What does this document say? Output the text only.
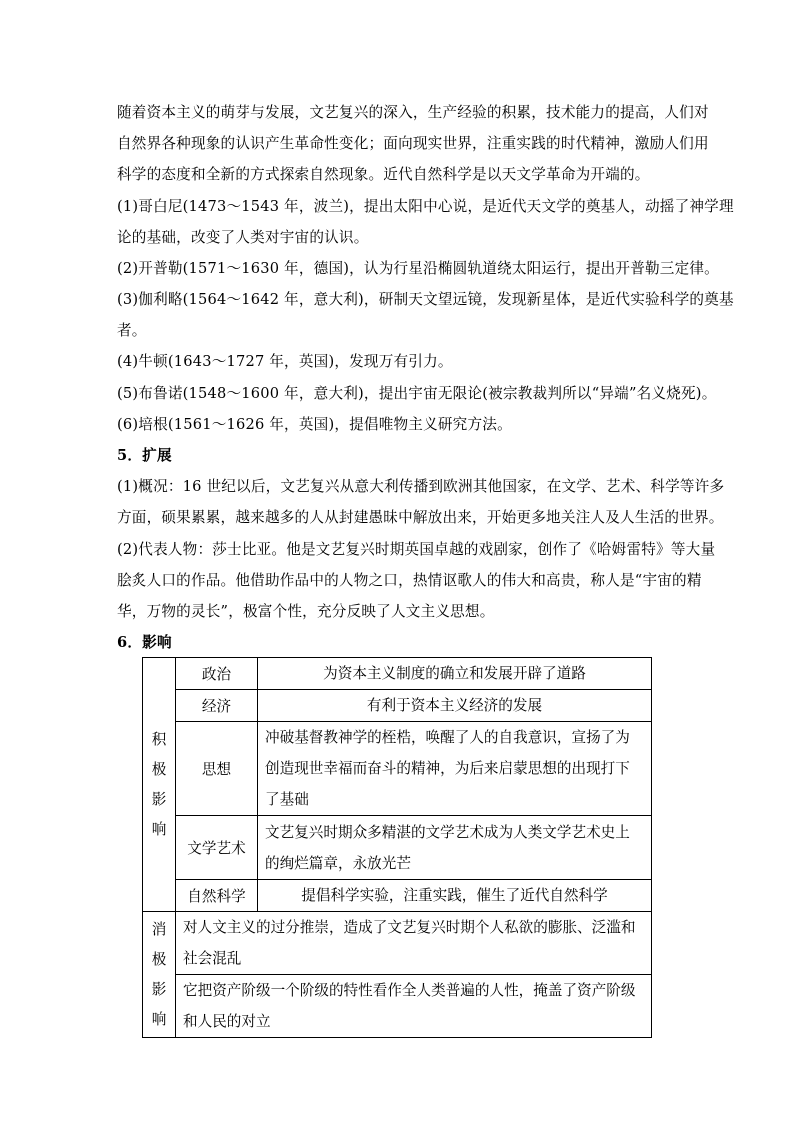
随着资本主义的萌芽与发展，文艺复兴的深入，生产经验的积累，技术能力的提高，人们对

自然界各种现象的认识产生革命性变化；面向现实世界，注重实践的时代精神，激励人们用

科学的态度和全新的方式探索自然现象。近代自然科学是以天文学革命为开端的。

(1)哥白尼(1473～1543 年，波兰)，提出太阳中心说，是近代天文学的奠基人，动摇了神学理

论的基础，改变了人类对宇宙的认识。

(2)开普勒(1571～1630 年，德国)，认为行星沿椭圆轨道绕太阳运行，提出开普勒三定律。

(3)伽利略(1564～1642 年，意大利)，研制天文望远镜，发现新星体，是近代实验科学的奠基

者。

(4)牛顿(1643～1727 年，英国)，发现万有引力。

(5)布鲁诺(1548～1600 年，意大利)，提出宇宙无限论(被宗教裁判所以“异端”名义烧死)。

(6)培根(1561～1626 年，英国)，提倡唯物主义研究方法。

5．扩展

(1)概况：16 世纪以后，文艺复兴从意大利传播到欧洲其他国家，在文学、艺术、科学等许多

方面，硕果累累，越来越多的人从封建愚昧中解放出来，开始更多地关注人及人生活的世界。

(2)代表人物：莎士比亚。他是文艺复兴时期英国卓越的戏剧家，创作了《哈姆雷特》等大量

脍炙人口的作品。他借助作品中的人物之口，热情讴歌人的伟大和高贵，称人是“宇宙的精

华，万物的灵长”，极富个性，充分反映了人文主义思想。

6．影响

积极影响	政治	为资本主义制度的确立和发展开辟了道路
	经济	有利于资本主义经济的发展
	思想	冲破基督教神学的桎梏，唤醒了人的自我意识，宣扬了为创造现世幸福而奋斗的精神，为后来启蒙思想的出现打下了基础
	文学艺术	文艺复兴时期众多精湛的文学艺术成为人类文学艺术史上的绚烂篇章，永放光芒
	自然科学	提倡科学实验，注重实践，催生了近代自然科学
消极影响	对人文主义的过分推崇，造成了文艺复兴时期个人私欲的膨胀、泛滥和社会混乱	
	它把资产阶级一个阶级的特性看作全人类普遍的人性，掩盖了资产阶级和人民的对立	
